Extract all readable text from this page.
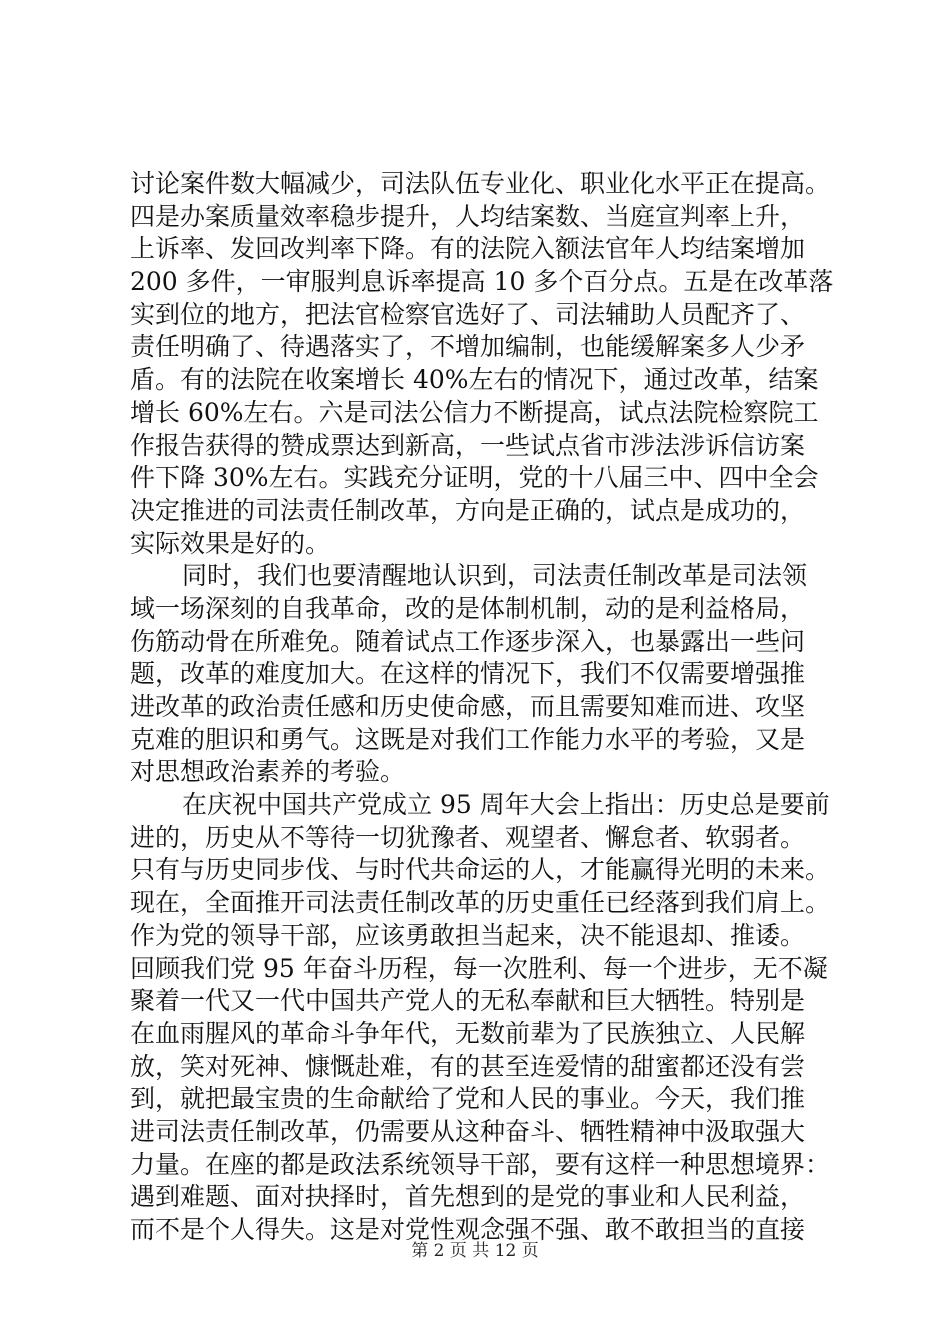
讨论案件数大幅减少，司法队伍专业化、职业化水平正在提高。
四是办案质量效率稳步提升，人均结案数、当庭宣判率上升，
上诉率、发回改判率下降。有的法院入额法官年人均结案增加
200 多件，一审服判息诉率提高 10 多个百分点。五是在改革落
实到位的地方，把法官检察官选好了、司法辅助人员配齐了、
责任明确了、待遇落实了，不增加编制，也能缓解案多人少矛
盾。有的法院在收案增长 40%左右的情况下，通过改革，结案
增长 60%左右。六是司法公信力不断提高，试点法院检察院工
作报告获得的赞成票达到新高，一些试点省市涉法涉诉信访案
件下降 30%左右。实践充分证明，党的十八届三中、四中全会
决定推进的司法责任制改革，方向是正确的，试点是成功的，
实际效果是好的。
同时，我们也要清醒地认识到，司法责任制改革是司法领
域一场深刻的自我革命，改的是体制机制，动的是利益格局，
伤筋动骨在所难免。随着试点工作逐步深入，也暴露出一些问
题，改革的难度加大。在这样的情况下，我们不仅需要增强推
进改革的政治责任感和历史使命感，而且需要知难而进、攻坚
克难的胆识和勇气。这既是对我们工作能力水平的考验，又是
对思想政治素养的考验。
在庆祝中国共产党成立 95 周年大会上指出：历史总是要前
进的，历史从不等待一切犹豫者、观望者、懈怠者、软弱者。
只有与历史同步伐、与时代共命运的人，才能赢得光明的未来。
现在，全面推开司法责任制改革的历史重任已经落到我们肩上。
作为党的领导干部，应该勇敢担当起来，决不能退却、推诿。
回顾我们党 95 年奋斗历程，每一次胜利、每一个进步，无不凝
聚着一代又一代中国共产党人的无私奉献和巨大牺牲。特别是
在血雨腥风的革命斗争年代，无数前辈为了民族独立、人民解
放，笑对死神、慷慨赴难，有的甚至连爱情的甜蜜都还没有尝
到，就把最宝贵的生命献给了党和人民的事业。今天，我们推
进司法责任制改革，仍需要从这种奋斗、牺牲精神中汲取强大
力量。在座的都是政法系统领导干部，要有这样一种思想境界：
遇到难题、面对抉择时，首先想到的是党的事业和人民利益，
而不是个人得失。这是对党性观念强不强、敢不敢担当的直接
第 2 页 共 12 页
